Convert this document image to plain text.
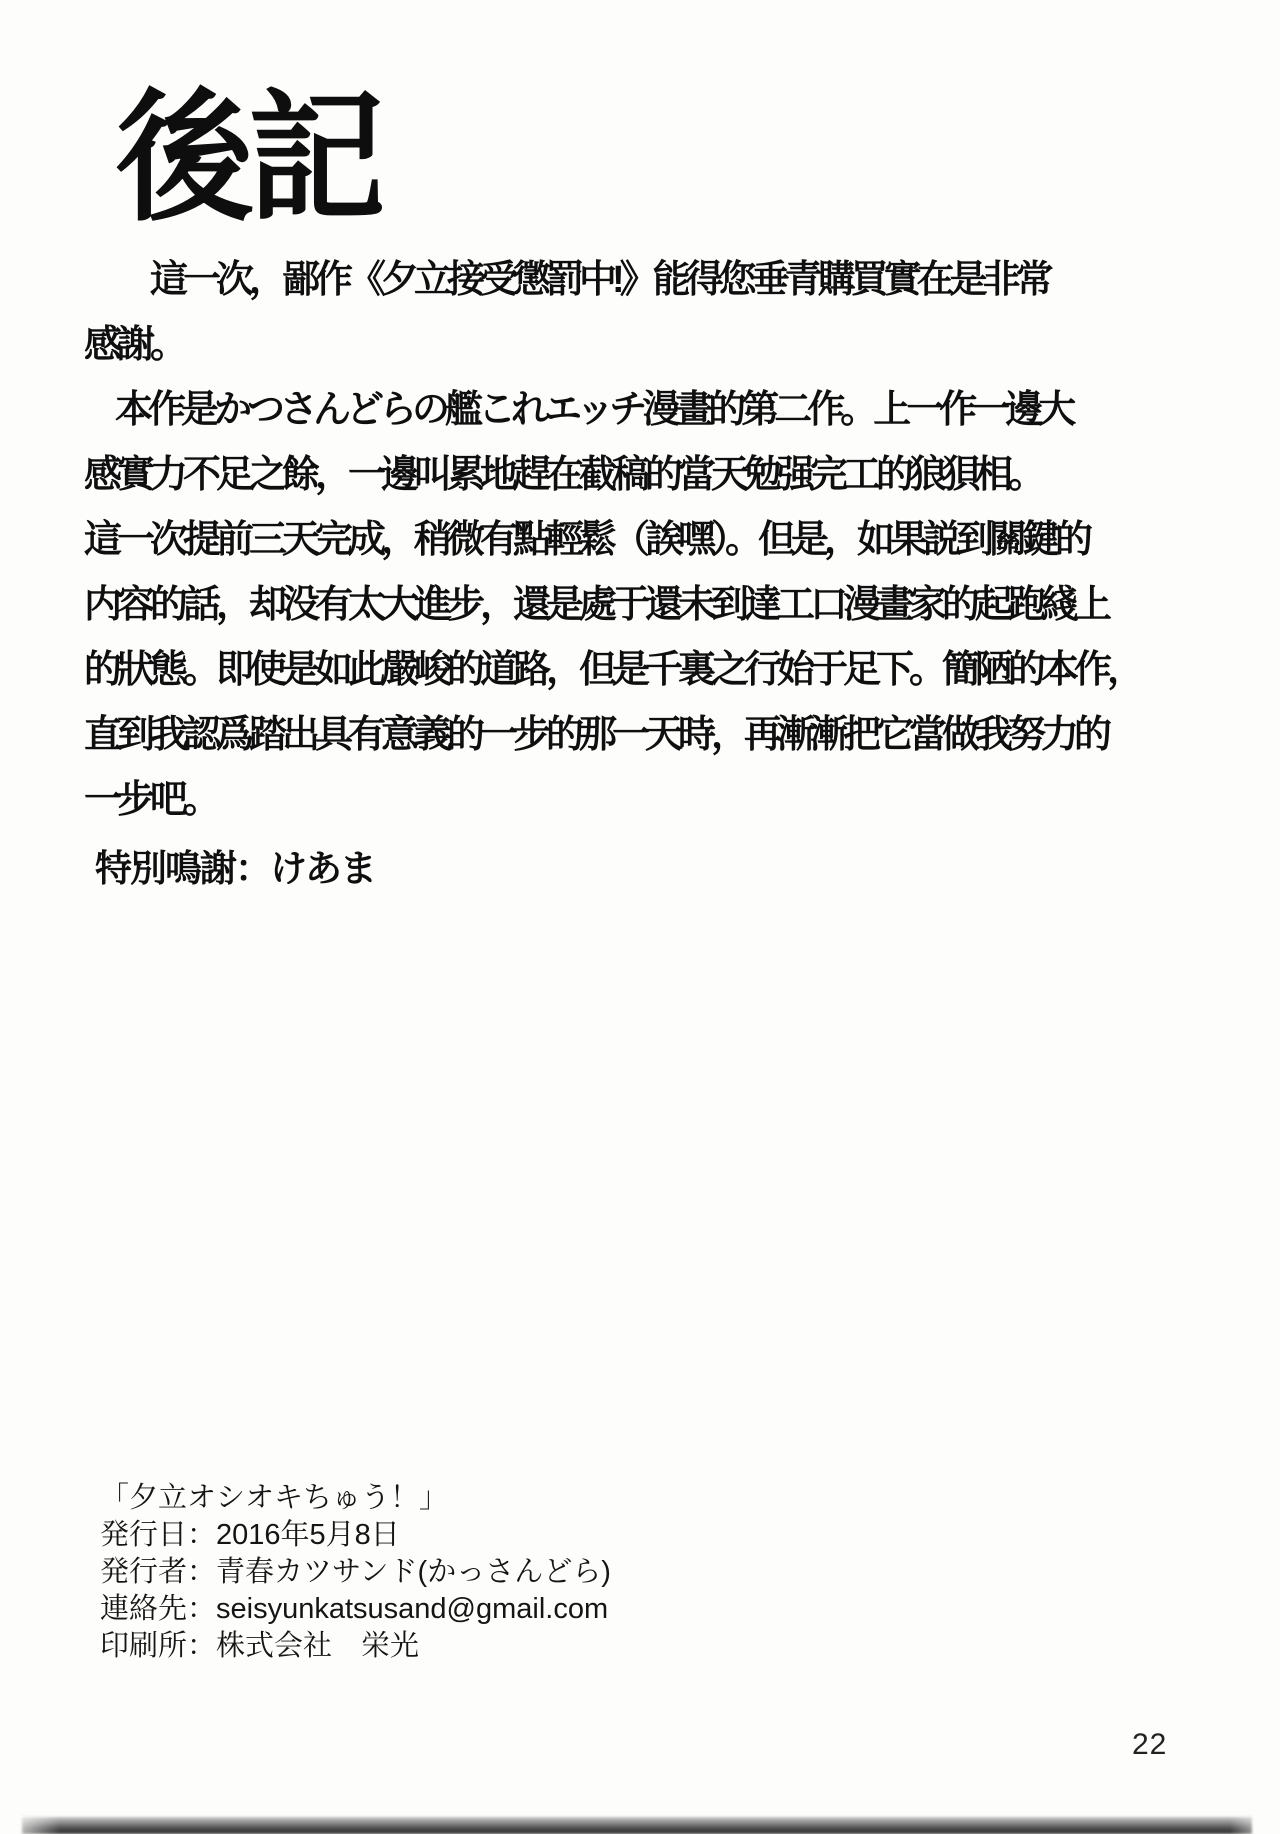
後記
這一次，鄙作《夕立接受懲罰中!》能得您垂青購買實在是非常
感謝。
本作是かつさんどらの艦これエッチ漫畫的第二作。上一作一邊大
感實力不足之餘，一邊叫累地趕在截稿的當天勉强完工的狼狽相。
這一次提前三天完成，稍微有點輕鬆（誒嘿）。但是，如果説到關鍵的
内容的話，却没有太大進步，還是處于還未到達工口漫畫家的起跑綫上
的狀態。即使是如此嚴峻的道路，但是千裏之行始于足下。簡陋的本作，
直到我認爲踏出具有意義的一步的那一天時，再漸漸把它當做我努力的
一步吧。
特別鳴謝：けあま
「夕立オシオキちゅう！」
発行日：2016年5月8日
発行者：青春カツサンド(かっさんどら)
連絡先：seisyunkatsusand@gmail.com
印刷所：株式会社　栄光
22
